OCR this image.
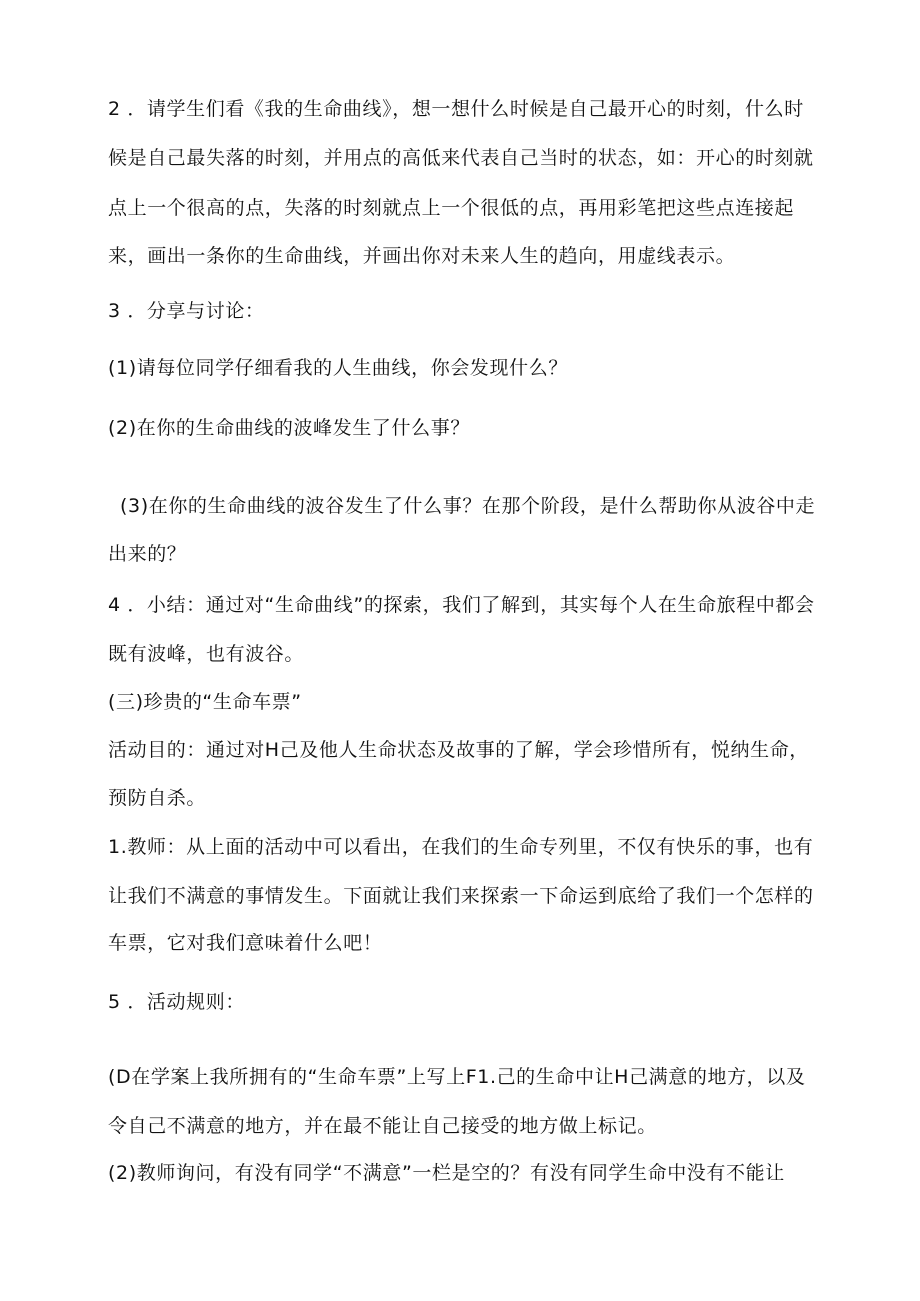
2 ．请学生们看《我的生命曲线》，想一想什么时候是自己最开心的时刻，什么时
候是自己最失落的时刻，并用点的高低来代表自己当时的状态，如：开心的时刻就
点上一个很高的点，失落的时刻就点上一个很低的点，再用彩笔把这些点连接起
来，画出一条你的生命曲线，并画出你对未来人生的趋向，用虚线表示。
3 ．分享与讨论：
(1)请每位同学仔细看我的人生曲线，你会发现什么？
(2)在你的生命曲线的波峰发生了什么事？
(3)在你的生命曲线的波谷发生了什么事？在那个阶段，是什么帮助你从波谷中走
出来的？
4 ．小结：通过对“生命曲线”的探索，我们了解到，其实每个人在生命旅程中都会
既有波峰，也有波谷。
(三)珍贵的“生命车票”
活动目的：通过对H己及他人生命状态及故事的了解，学会珍惜所有，悦纳生命，
预防自杀。
1.教师：从上面的活动中可以看出，在我们的生命专列里，不仅有快乐的事，也有
让我们不满意的事情发生。下面就让我们来探索一下命运到底给了我们一个怎样的
车票，它对我们意味着什么吧！
5 ．活动规则：
(D在学案上我所拥有的“生命车票”上写上F1.己的生命中让H己满意的地方，以及
令自己不满意的地方，并在最不能让自己接受的地方做上标记。
(2)教师询问，有没有同学“不满意”一栏是空的？有没有同学生命中没有不能让
